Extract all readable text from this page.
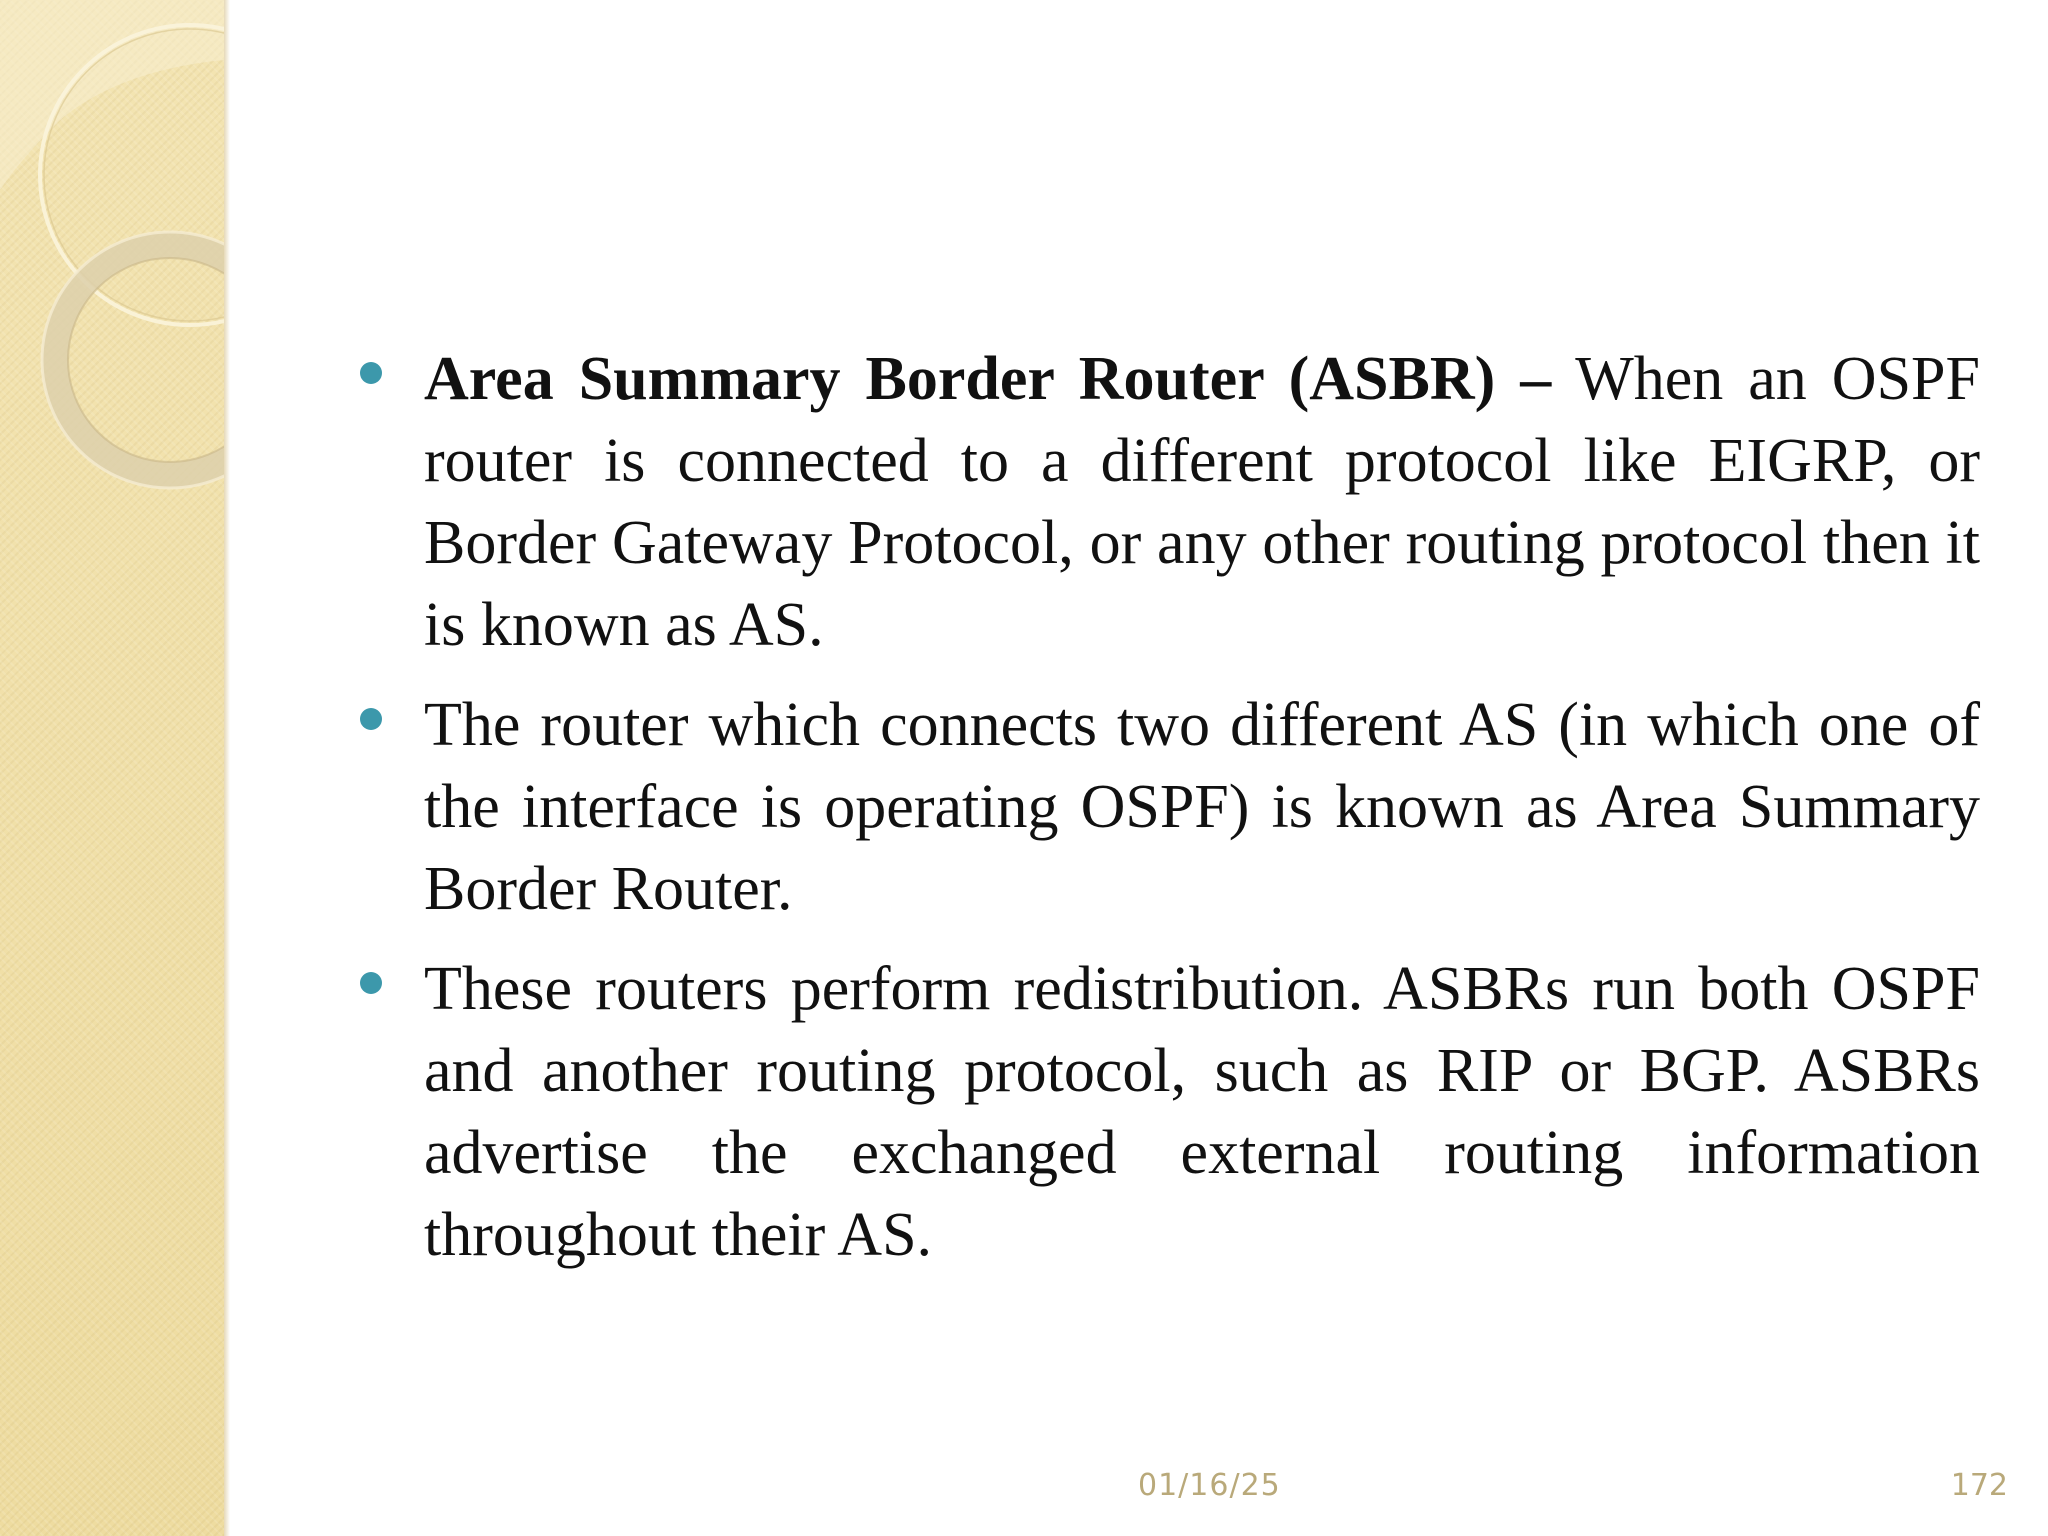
Area Summary Border Router (ASBR) – When an OSPF router is connected to a different protocol like EIGRP, or Border Gateway Protocol, or any other routing protocol then it is known as AS.
The router which connects two different AS (in which one of the interface is operating OSPF) is known as Area Summary Border Router.
These routers perform redistribution. ASBRs run both OSPF and another routing protocol, such as RIP or BGP. ASBRs advertise the exchanged external routing information throughout their AS.
01/16/25	172
